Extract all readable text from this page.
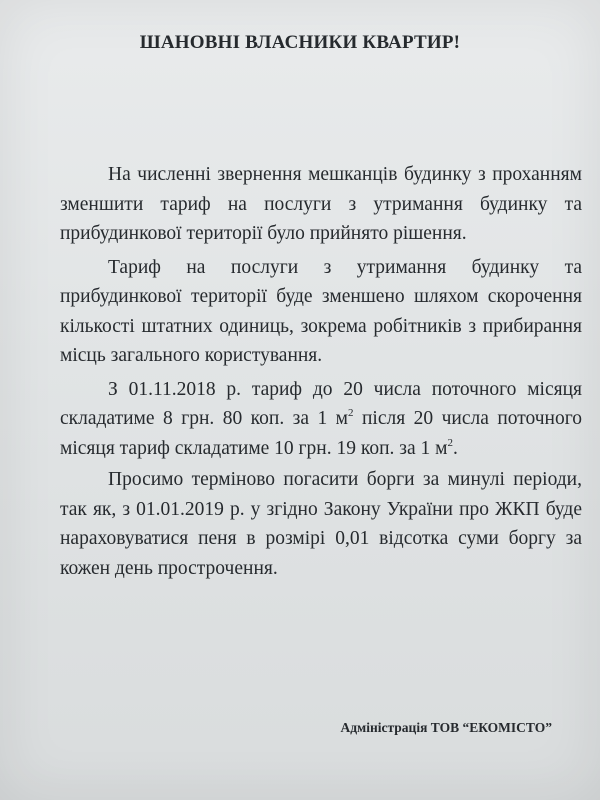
ШАНОВНІ ВЛАСНИКИ КВАРТИР!

На численні звернення мешканців будинку з проханням зменшити тариф на послуги з утримання будинку та прибудинкової території було прийнято рішення.

Тариф на послуги з утримання будинку та прибудинкової території буде зменшено шляхом скорочення кількості штатних одиниць, зокрема робітників з прибирання місць загального користування.

З 01.11.2018 р. тариф до 20 числа поточного місяця складатиме 8 грн. 80 коп. за 1 $м^2$ після 20 числа поточного місяця тариф складатиме 10 грн. 19 коп. за 1 $м^2$.

Просимо терміново погасити борги за минулі періоди, так як, з 01.01.2019 р. у згідно Закону України про ЖКП буде нараховуватися пеня в розмірі 0,01 відсотка суми боргу за кожен день прострочення.

Адміністрація ТОВ “ЕКОМІСТО”
